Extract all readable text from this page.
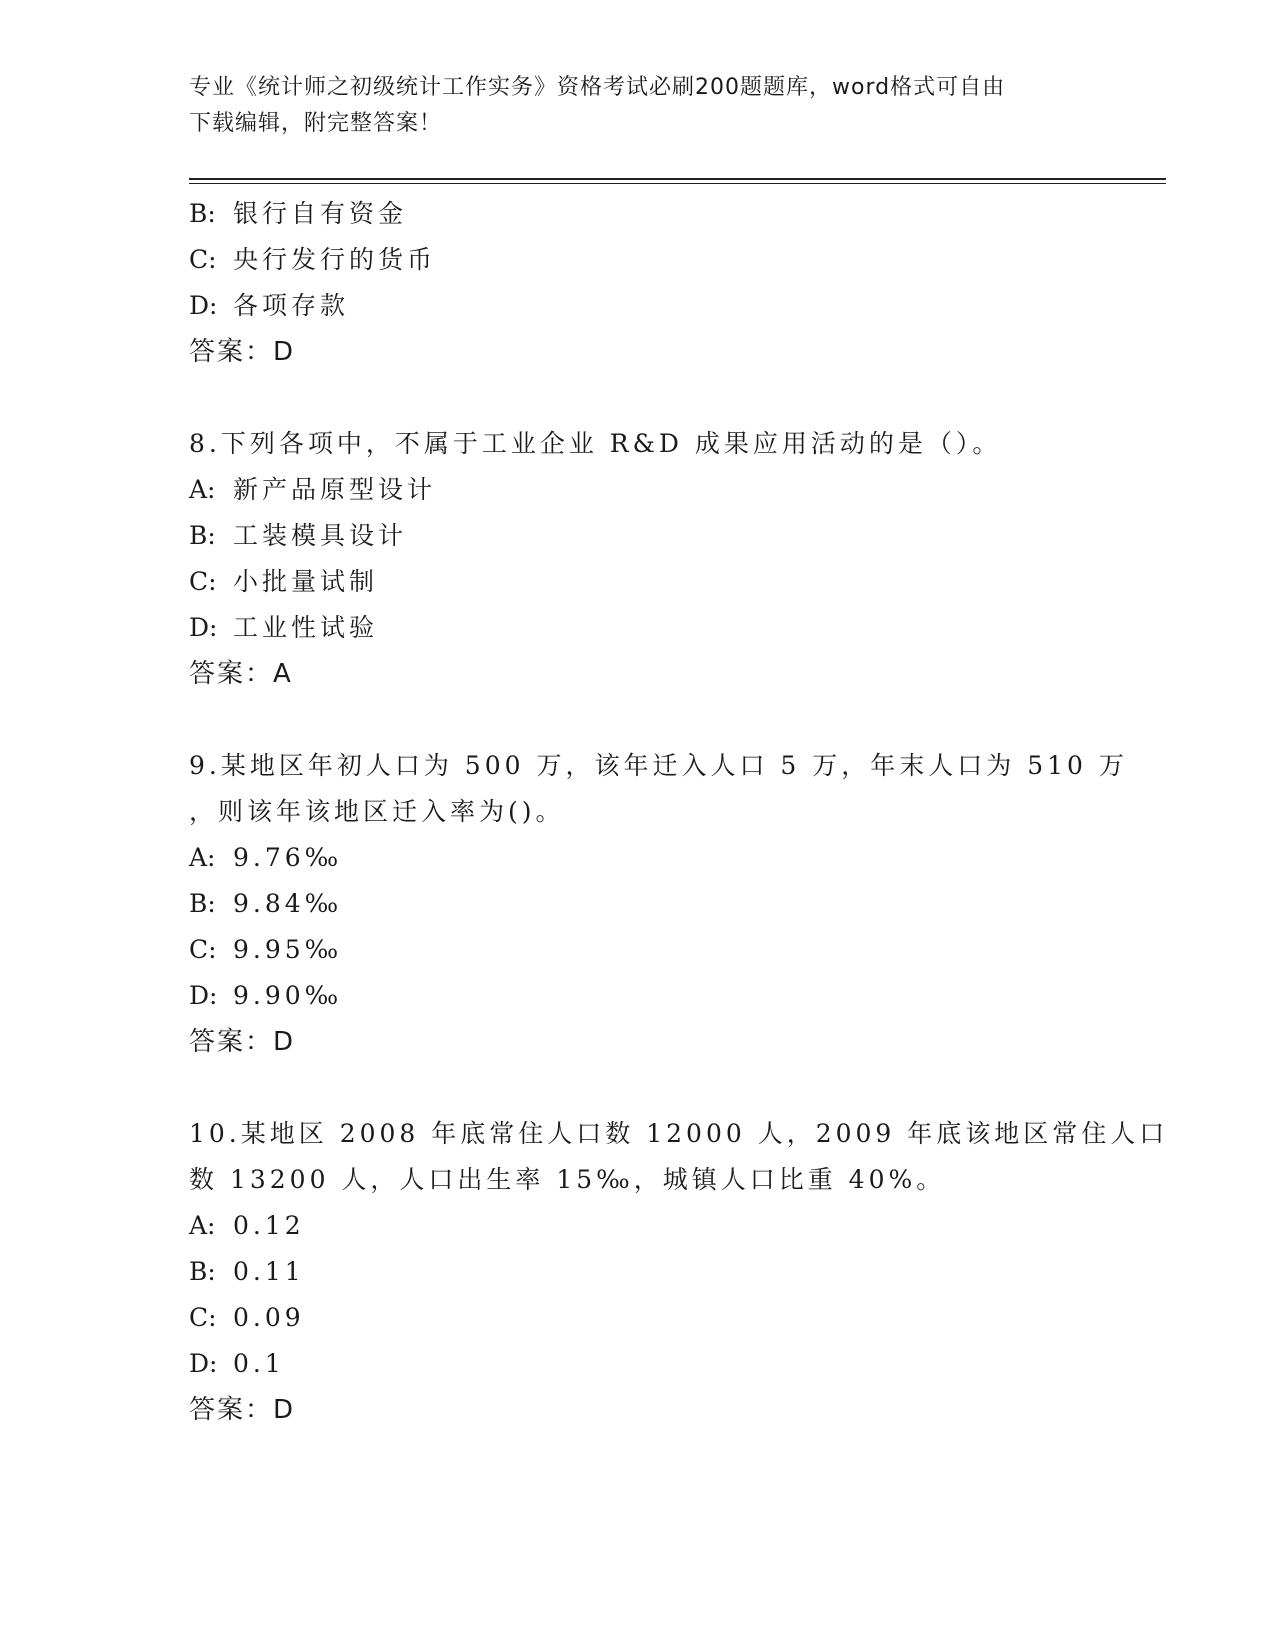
专业《统计师之初级统计工作实务》资格考试必刷200题题库，word格式可自由
下载编辑，附完整答案！
B: 银行自有资金
C: 央行发行的货币
D: 各项存款
答案：D
8.下列各项中，不属于工业企业 R&D 成果应用活动的是（）。
A: 新产品原型设计
B: 工装模具设计
C: 小批量试制
D: 工业性试验
答案：A
9.某地区年初人口为 500 万，该年迁入人口 5 万，年末人口为 510 万
，则该年该地区迁入率为()。
A: 9.76‰
B: 9.84‰
C: 9.95‰
D: 9.90‰
答案：D
10.某地区 2008 年底常住人口数 12000 人，2009 年底该地区常住人口
数 13200 人，人口出生率 15‰，城镇人口比重 40%。
A: 0.12
B: 0.11
C: 0.09
D: 0.1
答案：D
